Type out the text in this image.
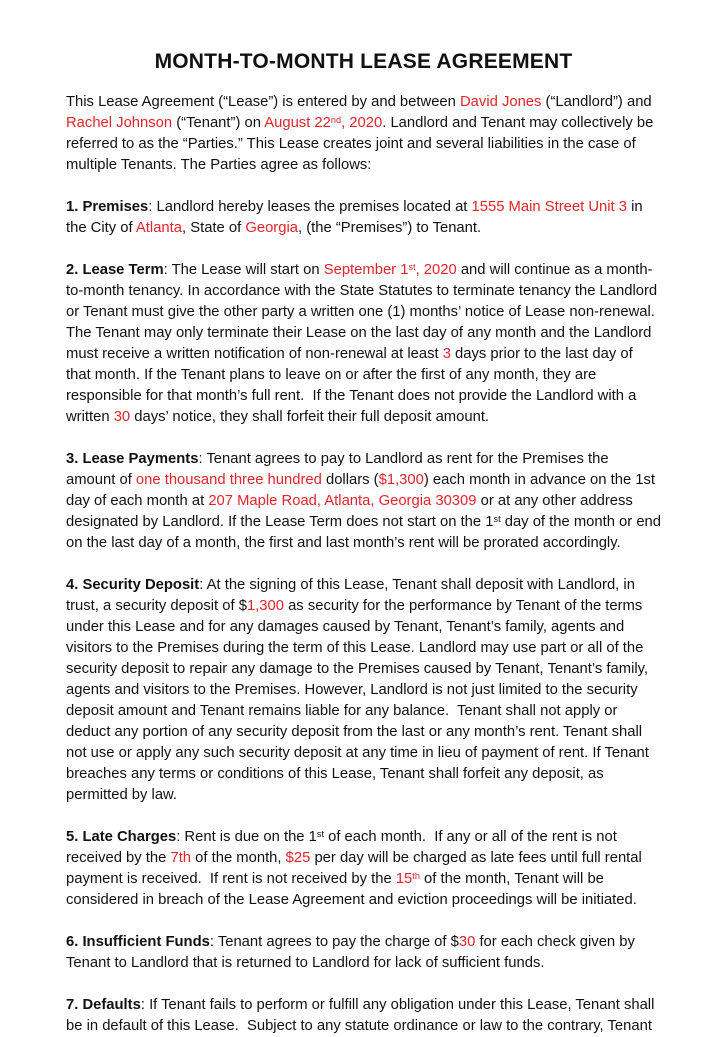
MONTH-TO-MONTH LEASE AGREEMENT

This Lease Agreement (“Lease”) is entered by and between David Jones (“Landlord”) and Rachel Johnson (“Tenant”) on August 22nd, 2020. Landlord and Tenant may collectively be referred to as the “Parties.” This Lease creates joint and several liabilities in the case of multiple Tenants. The Parties agree as follows:

1. Premises: Landlord hereby leases the premises located at 1555 Main Street Unit 3 in the City of Atlanta, State of Georgia, (the “Premises”) to Tenant.

2. Lease Term: The Lease will start on September 1st, 2020 and will continue as a month-to-month tenancy. In accordance with the State Statutes to terminate tenancy the Landlord or Tenant must give the other party a written one (1) months’ notice of Lease non-renewal. The Tenant may only terminate their Lease on the last day of any month and the Landlord must receive a written notification of non-renewal at least 3 days prior to the last day of that month. If the Tenant plans to leave on or after the first of any month, they are responsible for that month’s full rent.  If the Tenant does not provide the Landlord with a written 30 days’ notice, they shall forfeit their full deposit amount.

3. Lease Payments: Tenant agrees to pay to Landlord as rent for the Premises the amount of one thousand three hundred dollars ($1,300) each month in advance on the 1st day of each month at 207 Maple Road, Atlanta, Georgia 30309 or at any other address designated by Landlord. If the Lease Term does not start on the 1st day of the month or end on the last day of a month, the first and last month’s rent will be prorated accordingly.

4. Security Deposit: At the signing of this Lease, Tenant shall deposit with Landlord, in trust, a security deposit of $1,300 as security for the performance by Tenant of the terms under this Lease and for any damages caused by Tenant, Tenant’s family, agents and visitors to the Premises during the term of this Lease. Landlord may use part or all of the security deposit to repair any damage to the Premises caused by Tenant, Tenant’s family, agents and visitors to the Premises. However, Landlord is not just limited to the security deposit amount and Tenant remains liable for any balance.  Tenant shall not apply or deduct any portion of any security deposit from the last or any month’s rent. Tenant shall not use or apply any such security deposit at any time in lieu of payment of rent. If Tenant breaches any terms or conditions of this Lease, Tenant shall forfeit any deposit, as permitted by law.

5. Late Charges: Rent is due on the 1st of each month.  If any or all of the rent is not received by the 7th of the month, $25 per day will be charged as late fees until full rental payment is received.  If rent is not received by the 15th of the month, Tenant will be considered in breach of the Lease Agreement and eviction proceedings will be initiated.

6. Insufficient Funds: Tenant agrees to pay the charge of $30 for each check given by Tenant to Landlord that is returned to Landlord for lack of sufficient funds.

7. Defaults: If Tenant fails to perform or fulfill any obligation under this Lease, Tenant shall be in default of this Lease.  Subject to any statute ordinance or law to the contrary, Tenant
